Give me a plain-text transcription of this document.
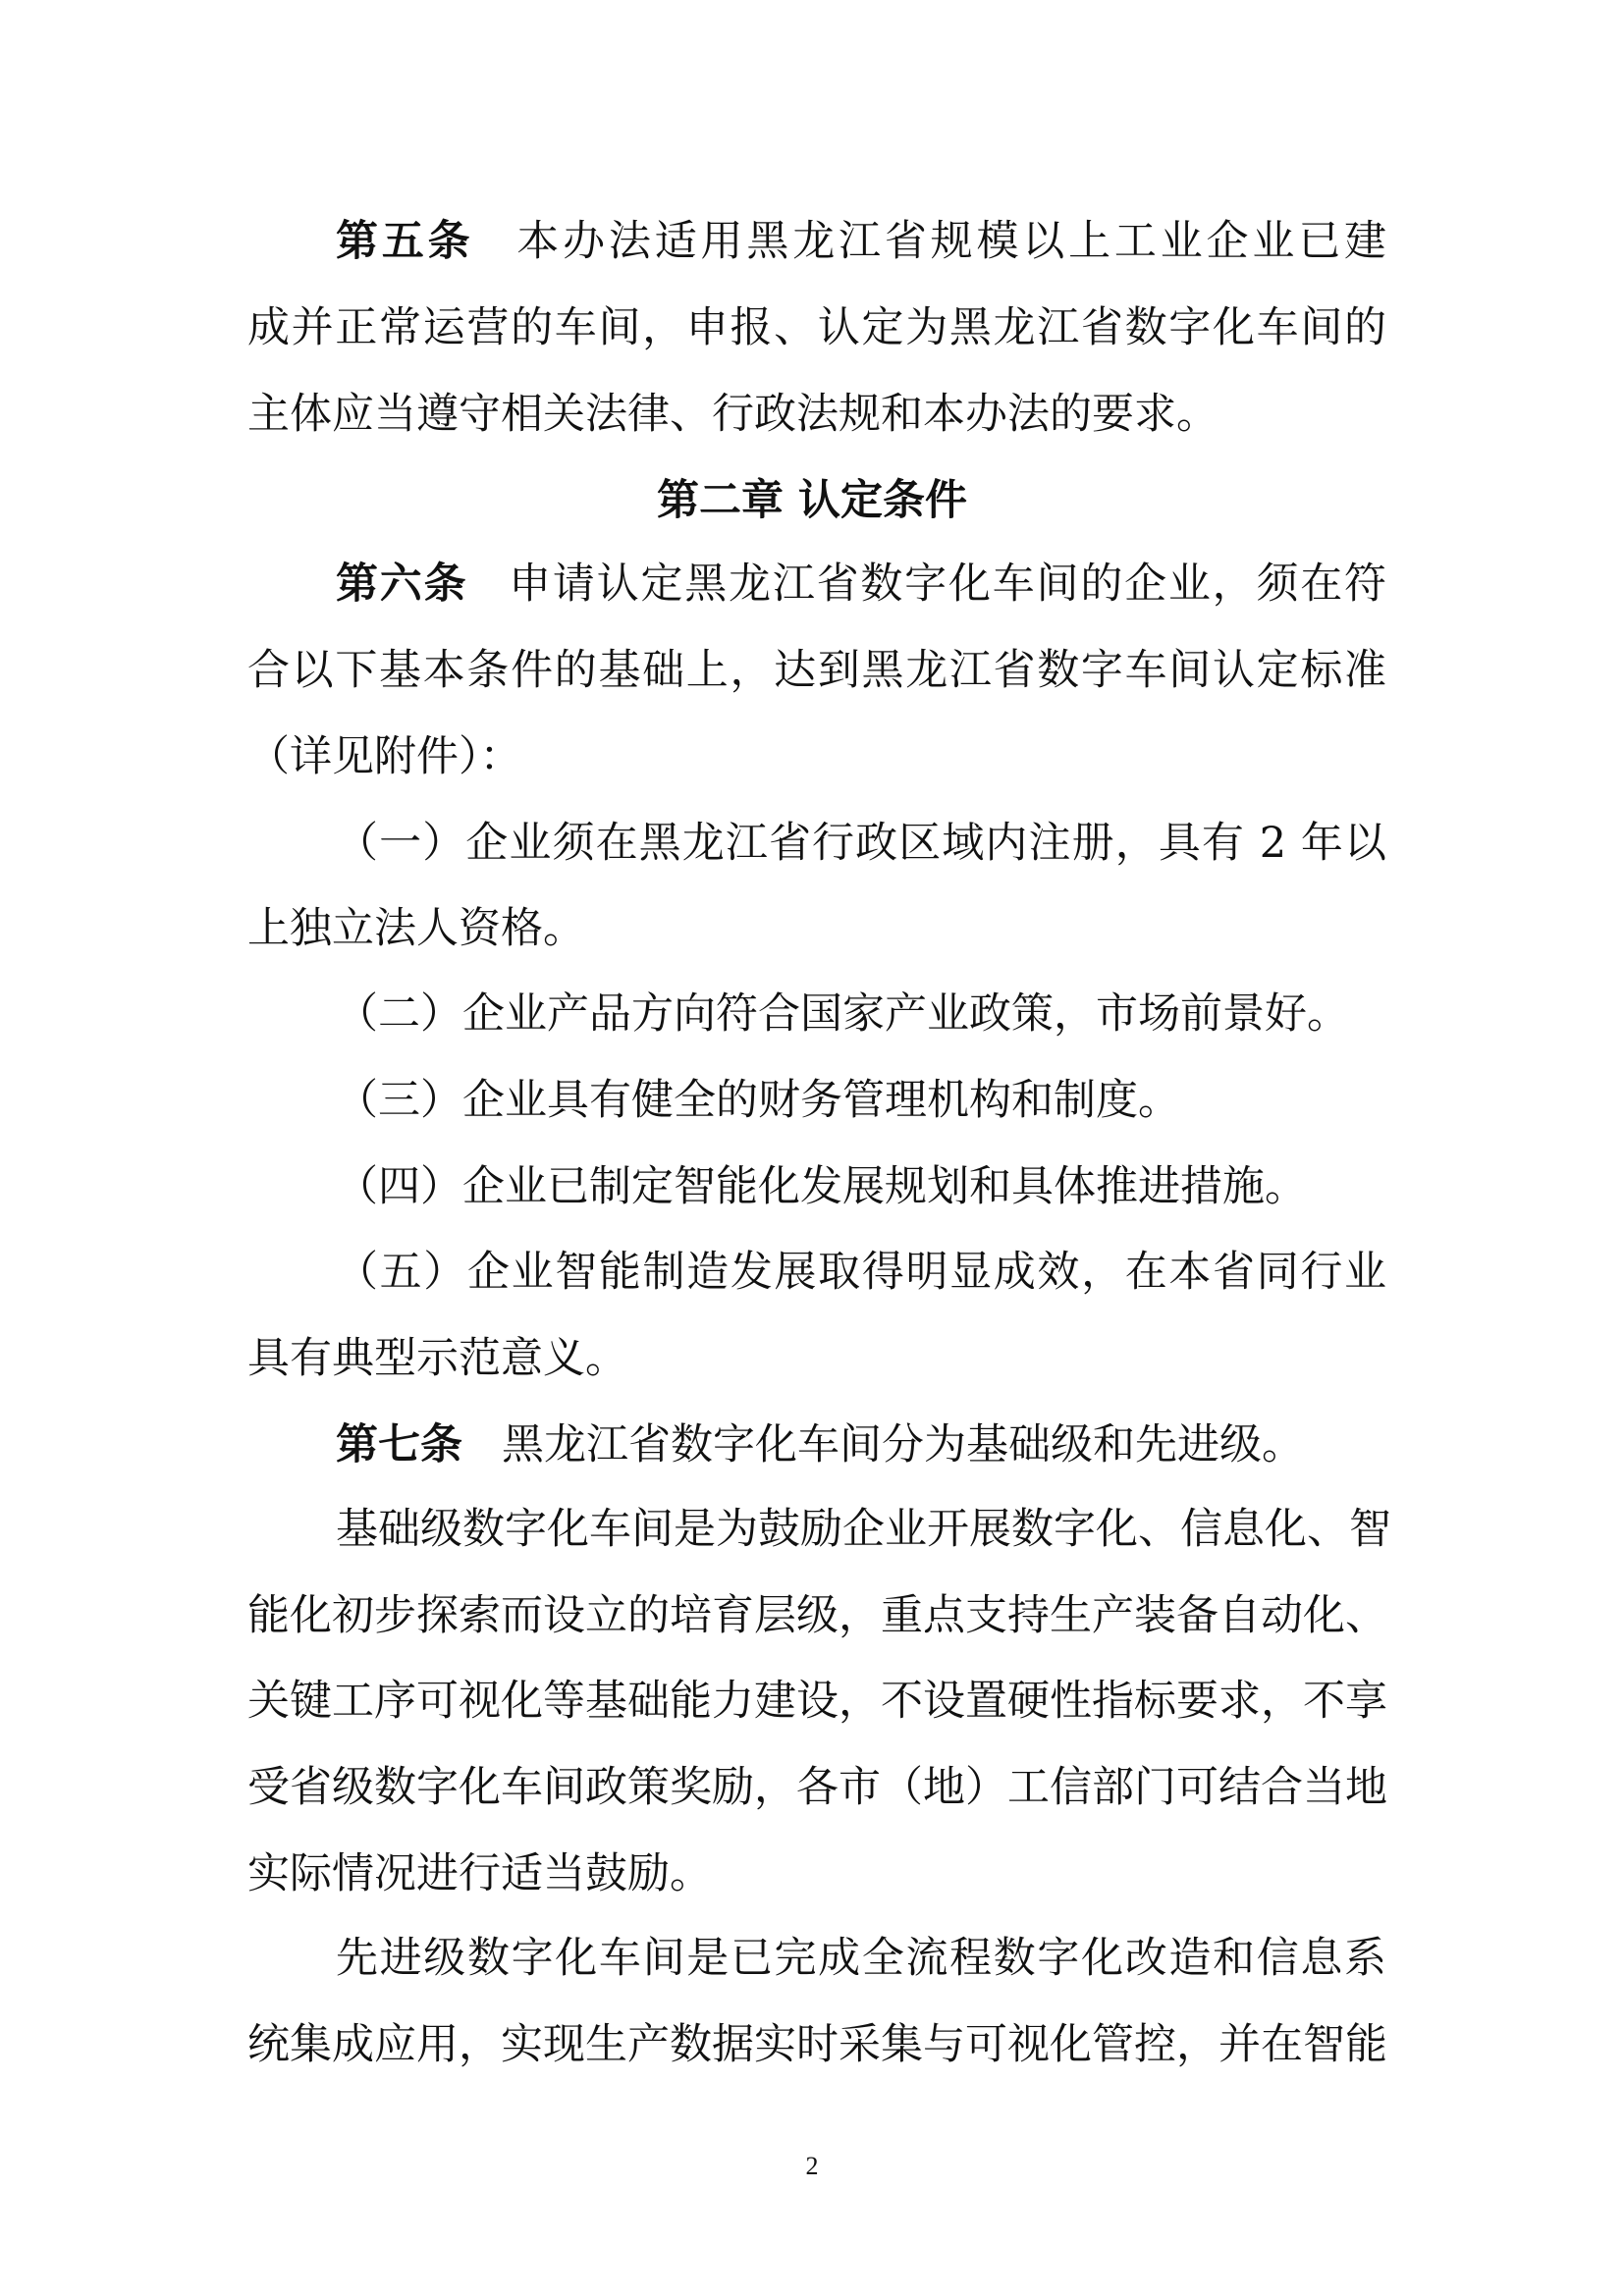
第五条 本办法适用黑龙江省规模以上工业企业已建
成并正常运营的车间，申报、认定为黑龙江省数字化车间的
主体应当遵守相关法律、行政法规和本办法的要求。
第二章 认定条件
第六条 申请认定黑龙江省数字化车间的企业，须在符
合以下基本条件的基础上，达到黑龙江省数字车间认定标准
（详见附件）：
（一）企业须在黑龙江省行政区域内注册，具有 2 年以
上独立法人资格。
（二）企业产品方向符合国家产业政策，市场前景好。
（三）企业具有健全的财务管理机构和制度。
（四）企业已制定智能化发展规划和具体推进措施。
（五）企业智能制造发展取得明显成效，在本省同行业
具有典型示范意义。
第七条 黑龙江省数字化车间分为基础级和先进级。
基础级数字化车间是为鼓励企业开展数字化、信息化、智
能化初步探索而设立的培育层级，重点支持生产装备自动化、
关键工序可视化等基础能力建设，不设置硬性指标要求，不享
受省级数字化车间政策奖励，各市（地）工信部门可结合当地
实际情况进行适当鼓励。
先进级数字化车间是已完成全流程数字化改造和信息系
统集成应用，实现生产数据实时采集与可视化管控，并在智能
2
